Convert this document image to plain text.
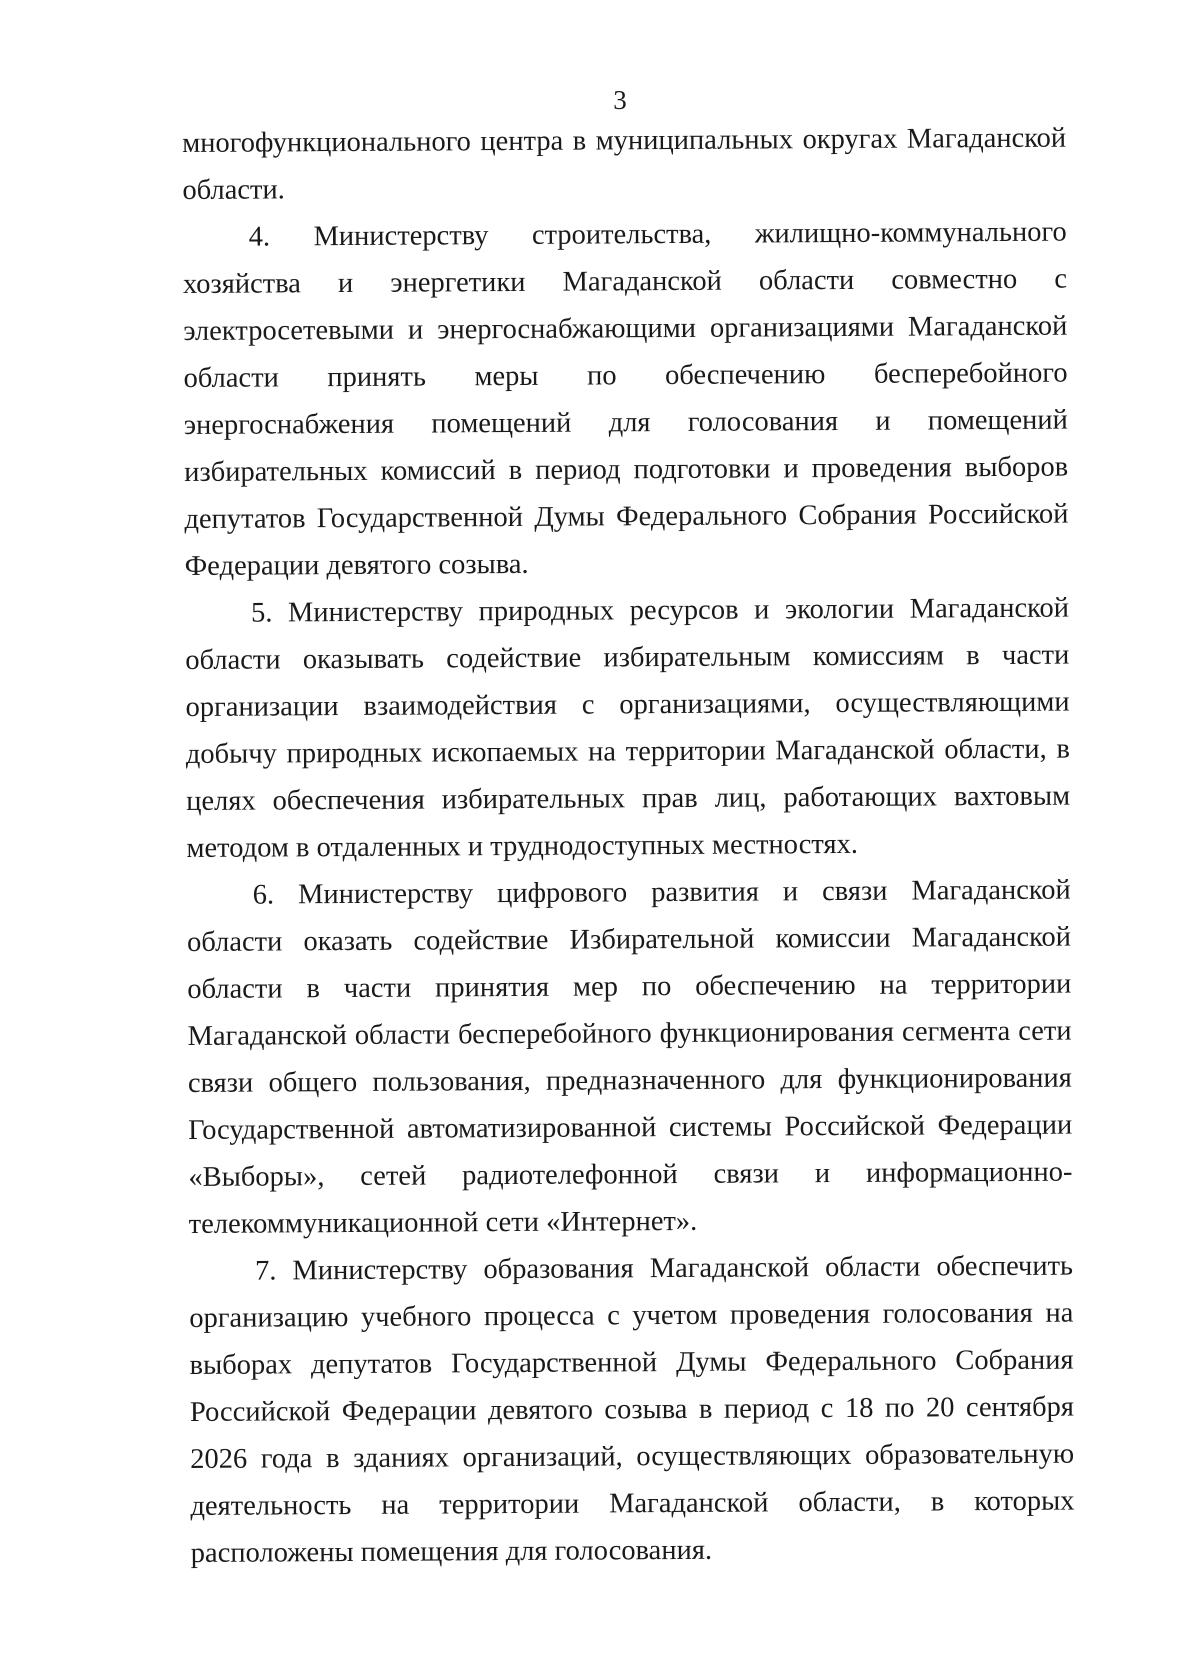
3

многофункционального центра в муниципальных округах Магаданской области.

4. Министерству строительства, жилищно-коммунального хозяйства и энергетики Магаданской области совместно с электросетевыми и энергоснабжающими организациями Магаданской области принять меры по обеспечению бесперебойного энергоснабжения помещений для голосования и помещений избирательных комиссий в период подготовки и проведения выборов депутатов Государственной Думы Федерального Собрания Российской Федерации девятого созыва.

5. Министерству природных ресурсов и экологии Магаданской области оказывать содействие избирательным комиссиям в части организации взаимодействия с организациями, осуществляющими добычу природных ископаемых на территории Магаданской области, в целях обеспечения избирательных прав лиц, работающих вахтовым методом в отдаленных и труднодоступных местностях.

6. Министерству цифрового развития и связи Магаданской области оказать содействие Избирательной комиссии Магаданской области в части принятия мер по обеспечению на территории Магаданской области бесперебойного функционирования сегмента сети связи общего пользования, предназначенного для функционирования Государственной автоматизированной системы Российской Федерации «Выборы», сетей радиотелефонной связи и информационно-телекоммуникационной сети «Интернет».

7. Министерству образования Магаданской области обеспечить организацию учебного процесса с учетом проведения голосования на выборах депутатов Государственной Думы Федерального Собрания Российской Федерации девятого созыва в период с 18 по 20 сентября 2026 года в зданиях организаций, осуществляющих образовательную деятельность на территории Магаданской области, в которых расположены помещения для голосования.
